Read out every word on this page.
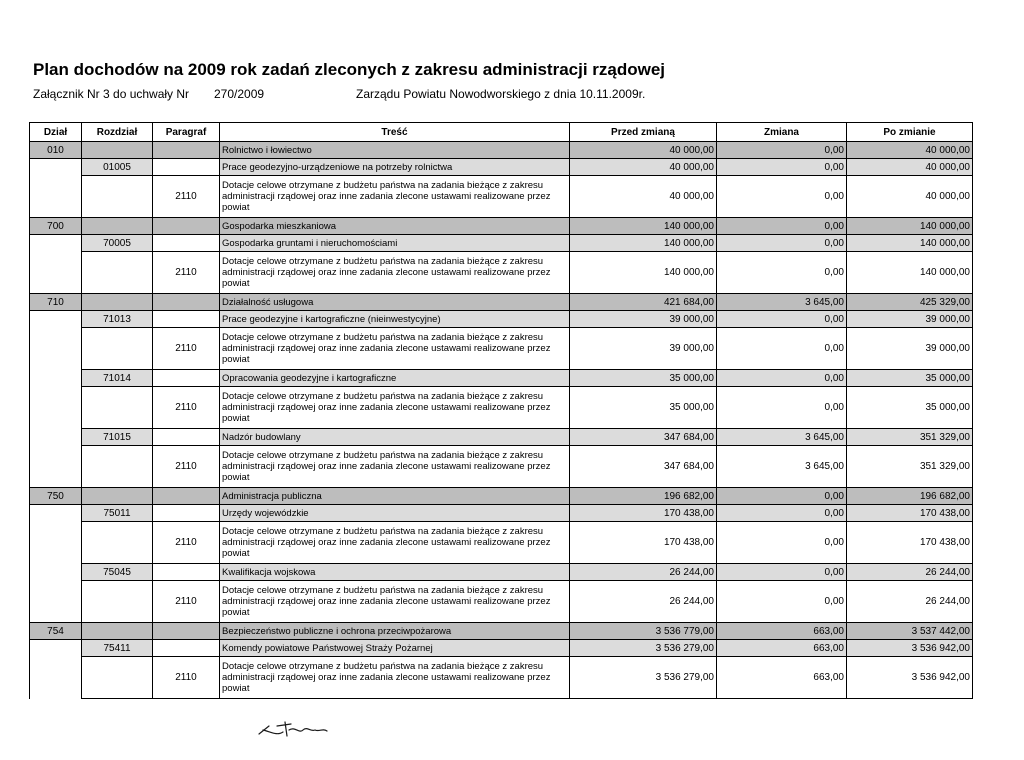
Plan dochodów na 2009 rok zadań zleconych z zakresu administracji rządowej
Załącznik Nr 3 do uchwały Nr 270/2009	Zarządu Powiatu Nowodworskiego z dnia 10.11.2009r.
Dział	Rozdział	Paragraf	Treść	Przed zmianą	Zmiana	Po zmianie
010			Rolnictwo i łowiectwo	40 000,00	0,00	40 000,00
	01005		Prace geodezyjno-urządzeniowe na potrzeby rolnictwa	40 000,00	0,00	40 000,00
		2110	Dotacje celowe otrzymane z budżetu państwa na zadania bieżące z zakresu administracji rządowej oraz inne zadania zlecone ustawami realizowane przez powiat	40 000,00	0,00	40 000,00
700			Gospodarka mieszkaniowa	140 000,00	0,00	140 000,00
	70005		Gospodarka gruntami i nieruchomościami	140 000,00	0,00	140 000,00
		2110	Dotacje celowe otrzymane z budżetu państwa na zadania bieżące z zakresu administracji rządowej oraz inne zadania zlecone ustawami realizowane przez powiat	140 000,00	0,00	140 000,00
710			Działalność usługowa	421 684,00	3 645,00	425 329,00
	71013		Prace geodezyjne i kartograficzne (nieinwestycyjne)	39 000,00	0,00	39 000,00
		2110	Dotacje celowe otrzymane z budżetu państwa na zadania bieżące z zakresu administracji rządowej oraz inne zadania zlecone ustawami realizowane przez powiat	39 000,00	0,00	39 000,00
	71014		Opracowania geodezyjne i kartograficzne	35 000,00	0,00	35 000,00
		2110	Dotacje celowe otrzymane z budżetu państwa na zadania bieżące z zakresu administracji rządowej oraz inne zadania zlecone ustawami realizowane przez powiat	35 000,00	0,00	35 000,00
	71015		Nadzór budowlany	347 684,00	3 645,00	351 329,00
		2110	Dotacje celowe otrzymane z budżetu państwa na zadania bieżące z zakresu administracji rządowej oraz inne zadania zlecone ustawami realizowane przez powiat	347 684,00	3 645,00	351 329,00
750			Administracja publiczna	196 682,00	0,00	196 682,00
	75011		Urzędy wojewódzkie	170 438,00	0,00	170 438,00
		2110	Dotacje celowe otrzymane z budżetu państwa na zadania bieżące z zakresu administracji rządowej oraz inne zadania zlecone ustawami realizowane przez powiat	170 438,00	0,00	170 438,00
	75045		Kwalifikacja wojskowa	26 244,00	0,00	26 244,00
		2110	Dotacje celowe otrzymane z budżetu państwa na zadania bieżące z zakresu administracji rządowej oraz inne zadania zlecone ustawami realizowane przez powiat	26 244,00	0,00	26 244,00
754			Bezpieczeństwo publiczne i ochrona przeciwpożarowa	3 536 779,00	663,00	3 537 442,00
	75411		Komendy powiatowe Państwowej Straży Pożarnej	3 536 279,00	663,00	3 536 942,00
		2110	Dotacje celowe otrzymane z budżetu państwa na zadania bieżące z zakresu administracji rządowej oraz inne zadania zlecone ustawami realizowane przez powiat	3 536 279,00	663,00	3 536 942,00
